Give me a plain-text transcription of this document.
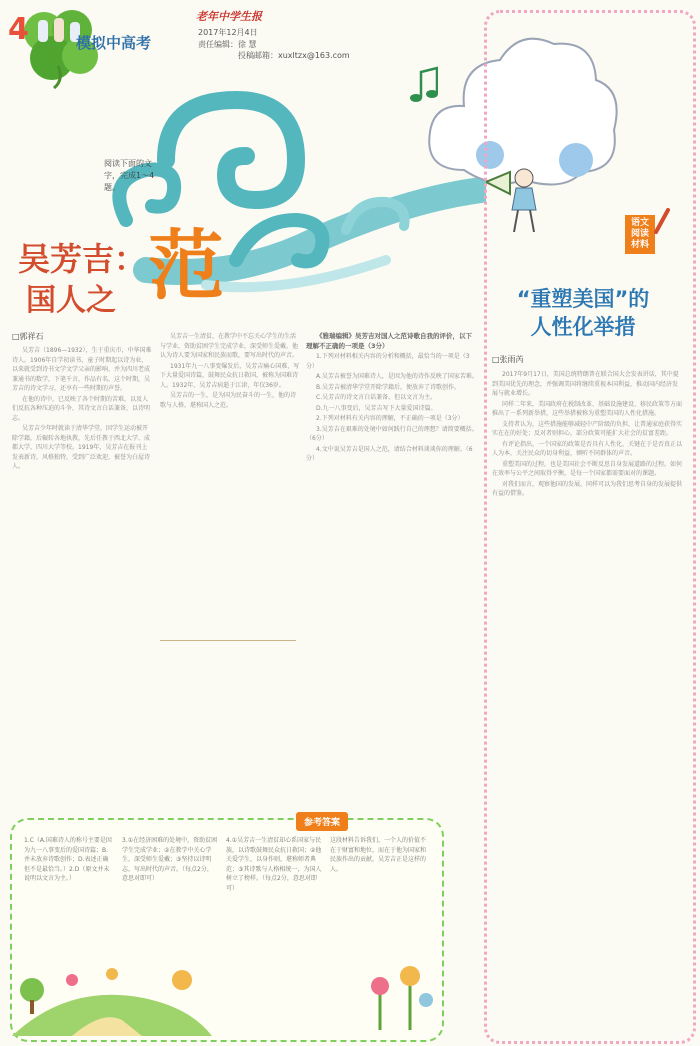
4	模拟中高考
老年中学生报
2017年12月4日
责任编辑：徐 慧
投稿邮箱：xuxltzx@163.com
阅读下面的文字，完成1～4题。
吴芳吉：
国人之 范	语文
阅读
材料
“重塑美国”的
人性化举措
□郭祥石

吴芳吉（1896—1932），生于重庆市，中华国难诗人。1906年自学初读书，童子时期起以诗为业，以来就受到诗书文学文学父亲的影响、并为四川老成兼通书的数学，下笔千言，作品有名，这个时期，吴芳吉的诗文学习，还享有一些时期的声誉。

在他的诗中，已反映了各个时期的苦难，以及人们反抗各种压迫的斗争，其诗文言白话兼备，以诗明志。

吴芳吉少年时就读于清华学堂，因学生运动被开除学籍，后辗转各地执教，先后任教于西北大学、成都大学、四川大学等校。1919年，吴芳吉在报刊上发表新诗，风格独特，受到广泛欢迎，被誉为白屋诗人。

吴芳吉一生清贫，在教学中不忘关心学生的生活与学业，资助贫困学生完成学业，深受师生爱戴。他认为诗人要为国家和民族而歌，要写出时代的声音。

1931年九一八事变爆发后，吴芳吉痛心国难，写下大量爱国诗篇，鼓舞民众抗日救国，被称为国难诗人。1932年，吴芳吉病逝于江津，年仅36岁。

吴芳吉的一生，是为国为民奋斗的一生，他的诗歌与人格，堪称国人之范。

《雅瑞编辑》吴芳吉对国人之范诗歌自我的评价，以下理解不正确的一项是（3分）

1.下列对材料相关内容的分析和概括，最恰当的一项是（3分）

A.吴芳吉被誉为国难诗人，是因为他的诗作反映了国家苦难。

B.吴芳吉被清华学堂开除学籍后，便放弃了诗歌创作。

C.吴芳吉的诗文言白话兼备，但以文言为主。

D.九一八事变后，吴芳吉写下大量爱国诗篇。

2.下列对材料有关内容的理解，不正确的一项是（3分）

3.吴芳吉在艰难的处境中如何践行自己的理想？请简要概括。（6分）

4.文中说吴芳吉是国人之范，请结合材料谈谈你的理解。（6分）

□张雨芮

2017年9月17日，美国总统特朗普在联合国大会发表讲话，其中提到美国优先的理念，并强调美国将继续重视本国利益，推动国内经济发展与就业增长。

同样二年来，美国政府在税制改革、基础设施建设、移民政策等方面推出了一系列新举措，这些举措被称为重塑美国的人性化措施。

支持者认为，这些措施能够减轻中产阶级的负担，让普通家庭获得实实在在的好处；反对者则担心，部分政策可能扩大社会的贫富差距。

有评论指出，一个国家的政策是否具有人性化，关键在于是否真正以人为本，关注民众的切身利益，倾听不同群体的声音。

重塑美国的过程，也是美国社会不断反思自身发展道路的过程。如何在效率与公平之间取得平衡，是每一个国家都需要面对的课题。

对我们而言，观察他国的发展，同样可以为我们思考自身的发展提供有益的借鉴。

参考答案
1.C（A.国难诗人的称号主要是因为九一八事变后的爱国诗篇；B.并未放弃诗歌创作；D.表述正确但不是最恰当。）2.D（原文并未说明以文言为主。）
3.①在经济困难的处境中，资助贫困学生完成学业；②在教学中关心学生，深受师生爱戴；③坚持以诗明志，写出时代的声音。（每点2分，意思对即可）
4.①吴芳吉一生清贫却心系国家与民族，以诗歌鼓舞民众抗日救国；②他关爱学生，以身作则，堪称师者典范；③其诗歌与人格相统一，为国人树立了榜样。（每点2分，意思对即可）
这段材料告诉我们，一个人的价值不在于财富和地位，而在于他为国家和民族作出的贡献，吴芳吉正是这样的人。
